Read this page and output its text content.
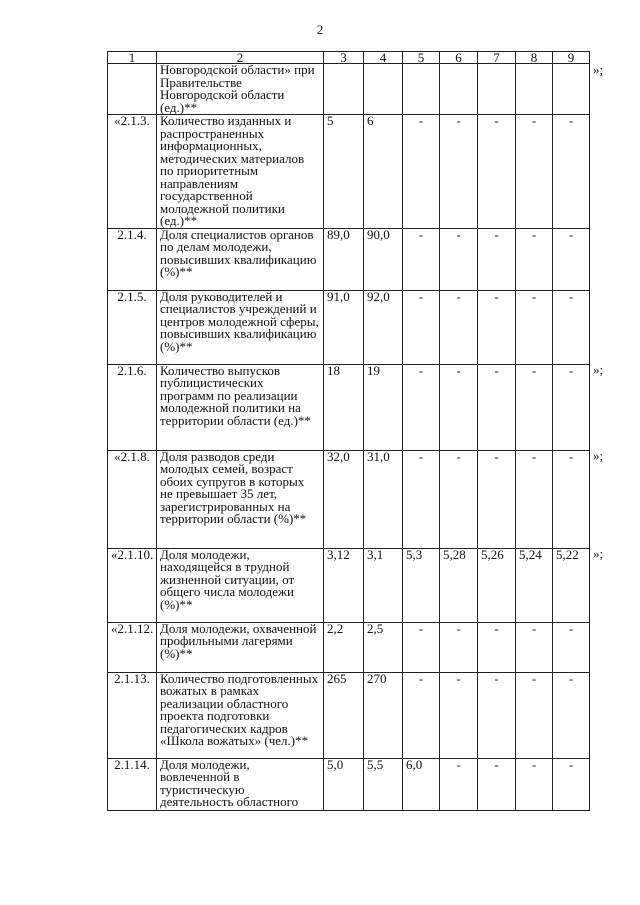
2
1	2	3	4	5	6	7	8	9	
	Новгородской области» при Правительстве Новгородской области (ед.)**								»;
«2.1.3.	Количество изданных и распространенных информационных, методических материалов по приоритетным направлениям государственной молодежной политики (ед.)**	5	6	-	-	-	-	-	
2.1.4.	Доля специалистов органов по делам молодежи, повысивших квалификацию (%)**	89,0	90,0	-	-	-	-	-	
2.1.5.	Доля руководителей и специалистов учреждений и центров молодежной сферы, повысивших квалификацию (%)**	91,0	92,0	-	-	-	-	-	
2.1.6.	Количество выпусков публицистических программ по реализации молодежной политики на территории области (ед.)**	18	19	-	-	-	-	-	»;
«2.1.8.	Доля разводов среди молодых семей, возраст обоих супругов в которых не превышает 35 лет, зарегистрированных на территории области (%)**	32,0	31,0	-	-	-	-	-	»;
«2.1.10.	Доля молодежи, находящейся в трудной жизненной ситуации, от общего числа молодежи (%)**	3,12	3,1	5,3	5,28	5,26	5,24	5,22	»;
«2.1.12.	Доля молодежи, охваченной профильными лагерями (%)**	2,2	2,5	-	-	-	-	-	
2.1.13.	Количество подготовленных вожатых в рамках реализации областного проекта подготовки педагогических кадров «Школа вожатых» (чел.)**	265	270	-	-	-	-	-	
2.1.14.	Доля молодежи, вовлеченной в туристическую деятельность областного	5,0	5,5	6,0	-	-	-	-	
